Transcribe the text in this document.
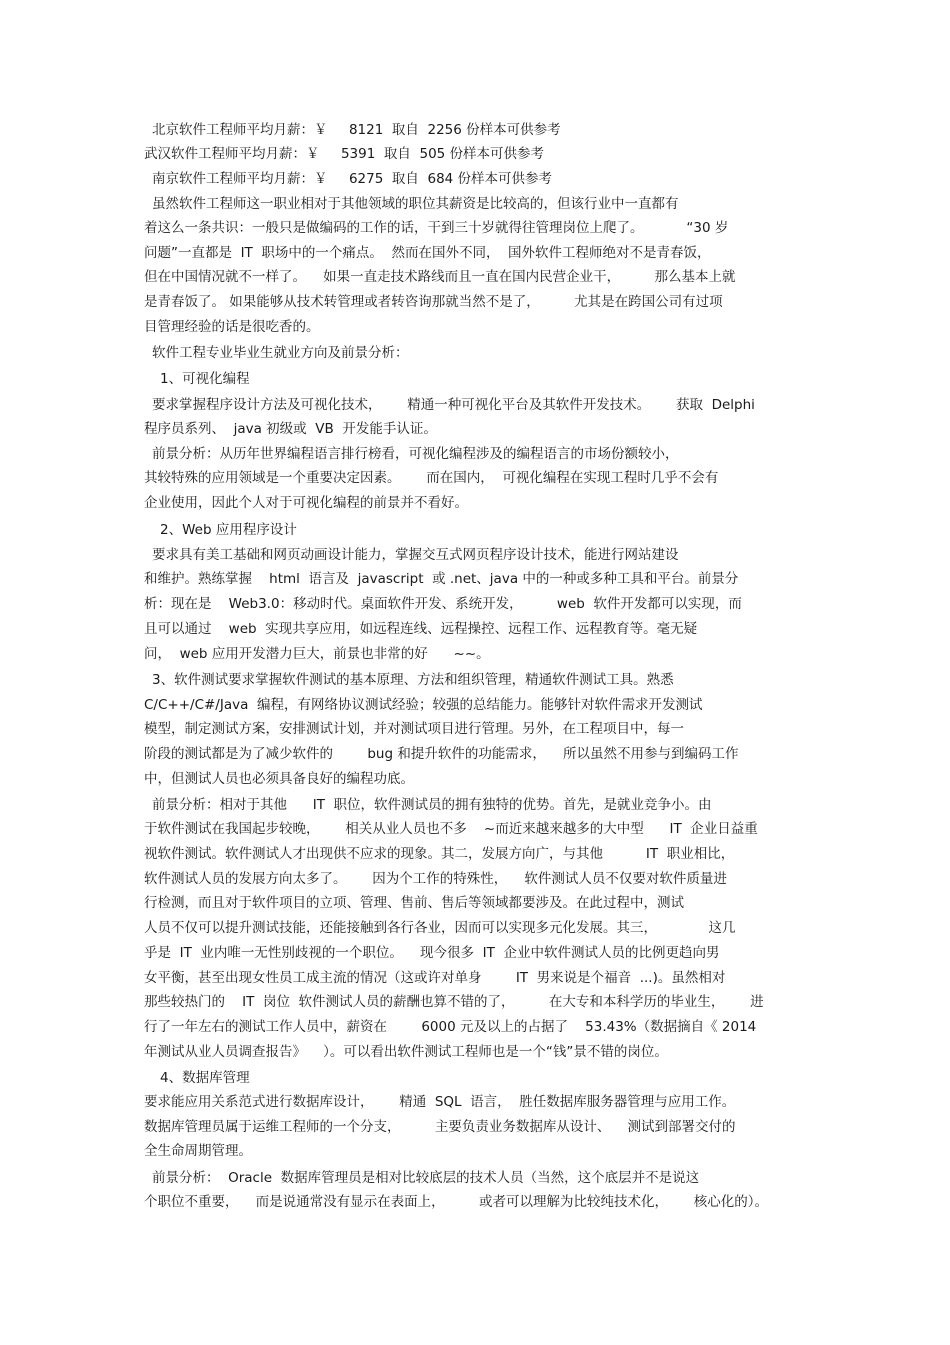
北京软件工程师平均月薪：￥     8121  取自  2256 份样本可供参考
武汉软件工程师平均月薪：￥     5391  取自  505 份样本可供参考
南京软件工程师平均月薪：￥     6275  取自  684 份样本可供参考
虽然软件工程师这一职业相对于其他领域的职位其薪资是比较高的，但该行业中一直都有
着这么一条共识：一般只是做编码的工作的话，干到三十岁就得往管理岗位上爬了。          “30 岁
问题”一直都是  IT  职场中的一个痛点。  然而在国外不同，  国外软件工程师绝对不是青春饭，
但在中国情况就不一样了。    如果一直走技术路线而且一直在国内民营企业干，        那么基本上就
是青春饭了。 如果能够从技术转管理或者转咨询那就当然不是了，        尤其是在跨国公司有过项
目管理经验的话是很吃香的。
软件工程专业毕业生就业方向及前景分析：
1、可视化编程
要求掌握程序设计方法及可视化技术，      精通一种可视化平台及其软件开发技术。      获取  Delphi
程序员系列、  java 初级或  VB  开发能手认证。
前景分析：从历年世界编程语言排行榜看，可视化编程涉及的编程语言的市场份额较小，
其较特殊的应用领域是一个重要决定因素。      而在国内，  可视化编程在实现工程时几乎不会有
企业使用，因此个人对于可视化编程的前景并不看好。
2、Web 应用程序设计
要求具有美工基础和网页动画设计能力，掌握交互式网页程序设计技术，能进行网站建设
和维护。熟练掌握    html  语言及  javascript  或 .net、java 中的一种或多种工具和平台。前景分
析：现在是    Web3.0：移动时代。桌面软件开发、系统开发，        web  软件开发都可以实现，而
且可以通过    web  实现共享应用，如远程连线、远程操控、远程工作、远程教育等。毫无疑
问，  web 应用开发潜力巨大，前景也非常的好      ~~。
3、软件测试要求掌握软件测试的基本原理、方法和组织管理，精通软件测试工具。熟悉
C/C++/C#/Java  编程，有网络协议测试经验；较强的总结能力。能够针对软件需求开发测试
模型，制定测试方案，安排测试计划，并对测试项目进行管理。另外，在工程项目中，每一
阶段的测试都是为了减少软件的        bug 和提升软件的功能需求，    所以虽然不用参与到编码工作
中，但测试人员也必须具备良好的编程功底。
前景分析：相对于其他      IT  职位，软件测试员的拥有独特的优势。首先，是就业竞争小。由
于软件测试在我国起步较晚，      相关从业人员也不多    ~而近来越来越多的大中型      IT  企业日益重
视软件测试。软件测试人才出现供不应求的现象。其二，发展方向广，与其他          IT  职业相比，
软件测试人员的发展方向太多了。      因为个工作的特殊性，    软件测试人员不仅要对软件质量进
行检测，而且对于软件项目的立项、管理、售前、售后等领域都要涉及。在此过程中，测试
人员不仅可以提升测试技能，还能接触到各行各业，因而可以实现多元化发展。其三，            这几
乎是  IT  业内唯一无性别歧视的一个职位。    现今很多  IT  企业中软件测试人员的比例更趋向男
女平衡，甚至出现女性员工成主流的情况（这或许对单身        IT  男来说是个福音  ...)。虽然相对
那些较热门的    IT  岗位  软件测试人员的薪酬也算不错的了，        在大专和本科学历的毕业生，      进
行了一年左右的测试工作人员中，薪资在        6000 元及以上的占据了    53.43%（数据摘自《 2014
年测试从业人员调查报告》    ）。可以看出软件测试工程师也是一个“钱”景不错的岗位。
4、数据库管理
要求能应用关系范式进行数据库设计，      精通  SQL  语言，  胜任数据库服务器管理与应用工作。
数据库管理员属于运维工程师的一个分支，        主要负责业务数据库从设计、    测试到部署交付的
全生命周期管理。
前景分析：  Oracle  数据库管理员是相对比较底层的技术人员（当然，这个底层并不是说这
个职位不重要，    而是说通常没有显示在表面上，        或者可以理解为比较纯技术化，      核心化的）。
